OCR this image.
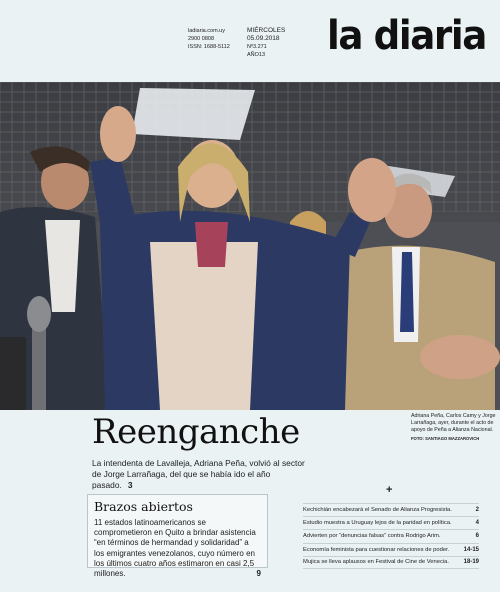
ladiaria.com.uy
2900 0808
ISSN: 1688-5112
MIÉRCOLES
05.09.2018
Nº3.271
AÑO13	la diaria
Reenganche	Adriana Peña, Carlos Camy y Jorge Larrañaga, ayer, durante el acto de apoyo de Peña a Alianza Nacional.
FOTO: SANTIAGO MAZZAROVICH
La intendenta de Lavalleja, Adriana Peña, volvió al sector de Jorge Larrañaga, del que se había ido el año pasado. 3
Brazos abiertos
11 estados latinoamericanos se comprometieron en Quito a brindar asistencia “en términos de hermandad y solidaridad” a los emigrantes venezolanos, cuyo número en los últimos cuatro años estimaron en casi 2,5 millones.	9
+
Kechichián encabezará el Senado de Alianza Progresista.	2
Estudio muestra a Uruguay lejos de la paridad en política.	4
Advierten por “denuncias falsas” contra Rodrigo Arim.	6
Economía feminista para cuestionar relaciones de poder. 14-15
Mujica se lleva aplausos en Festival de Cine de Venecia. 18-19
